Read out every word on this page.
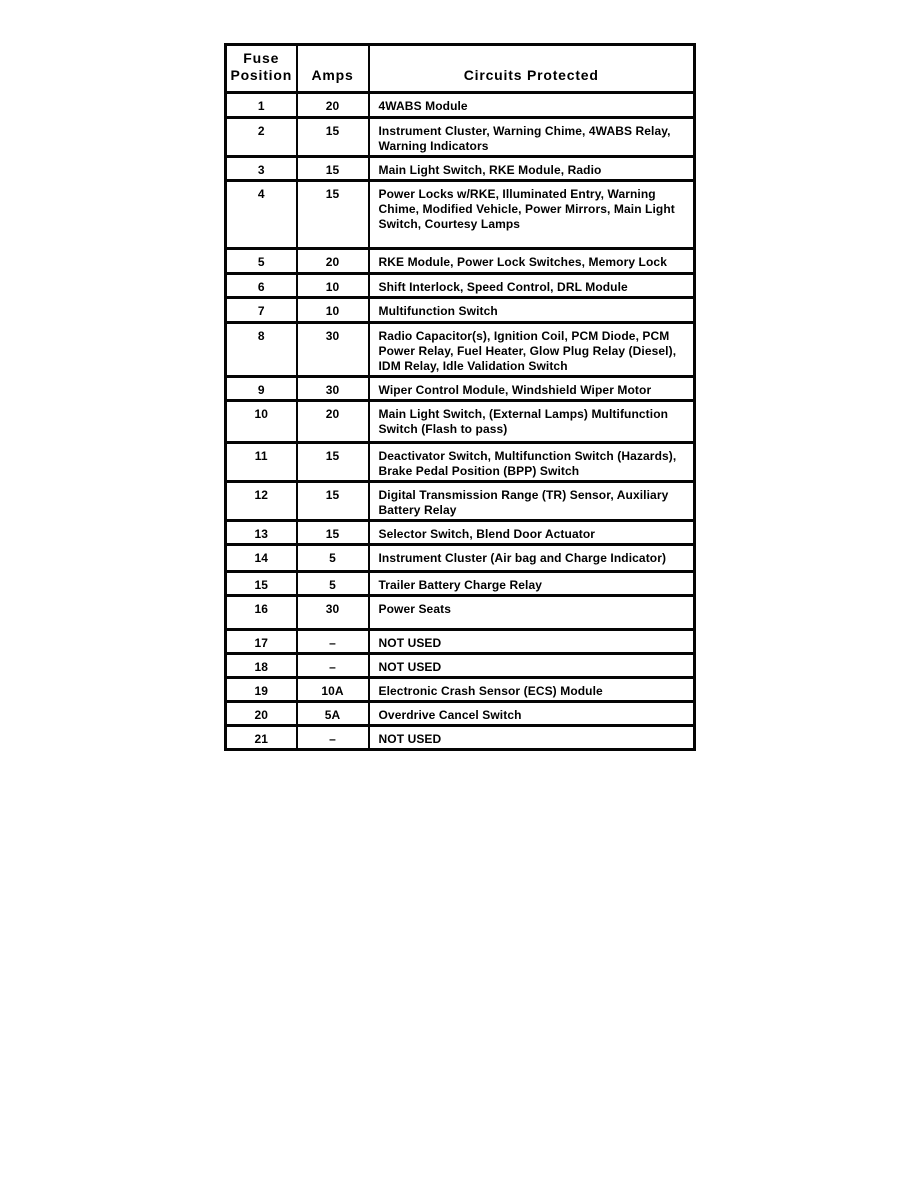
Fuse Position	Amps	Circuits Protected
1	20	4WABS Module
2	15	Instrument Cluster, Warning Chime, 4WABS Relay, Warning Indicators
3	15	Main Light Switch, RKE Module, Radio
4	15	Power Locks w/RKE, Illuminated Entry, Warning Chime, Modified Vehicle, Power Mirrors, Main Light Switch, Courtesy Lamps
5	20	RKE Module, Power Lock Switches, Memory Lock
6	10	Shift Interlock, Speed Control, DRL Module
7	10	Multifunction Switch
8	30	Radio Capacitor(s), Ignition Coil, PCM Diode, PCM Power Relay, Fuel Heater, Glow Plug Relay (Diesel), IDM Relay, Idle Validation Switch
9	30	Wiper Control Module, Windshield Wiper Motor
10	20	Main Light Switch, (External Lamps) Multifunction Switch (Flash to pass)
11	15	Deactivator Switch, Multifunction Switch (Hazards), Brake Pedal Position (BPP) Switch
12	15	Digital Transmission Range (TR) Sensor, Auxiliary Battery Relay
13	15	Selector Switch, Blend Door Actuator
14	5	Instrument Cluster (Air bag and Charge Indicator)
15	5	Trailer Battery Charge Relay
16	30	Power Seats
17	–	NOT USED
18	–	NOT USED
19	10A	Electronic Crash Sensor (ECS) Module
20	5A	Overdrive Cancel Switch
21	–	NOT USED
